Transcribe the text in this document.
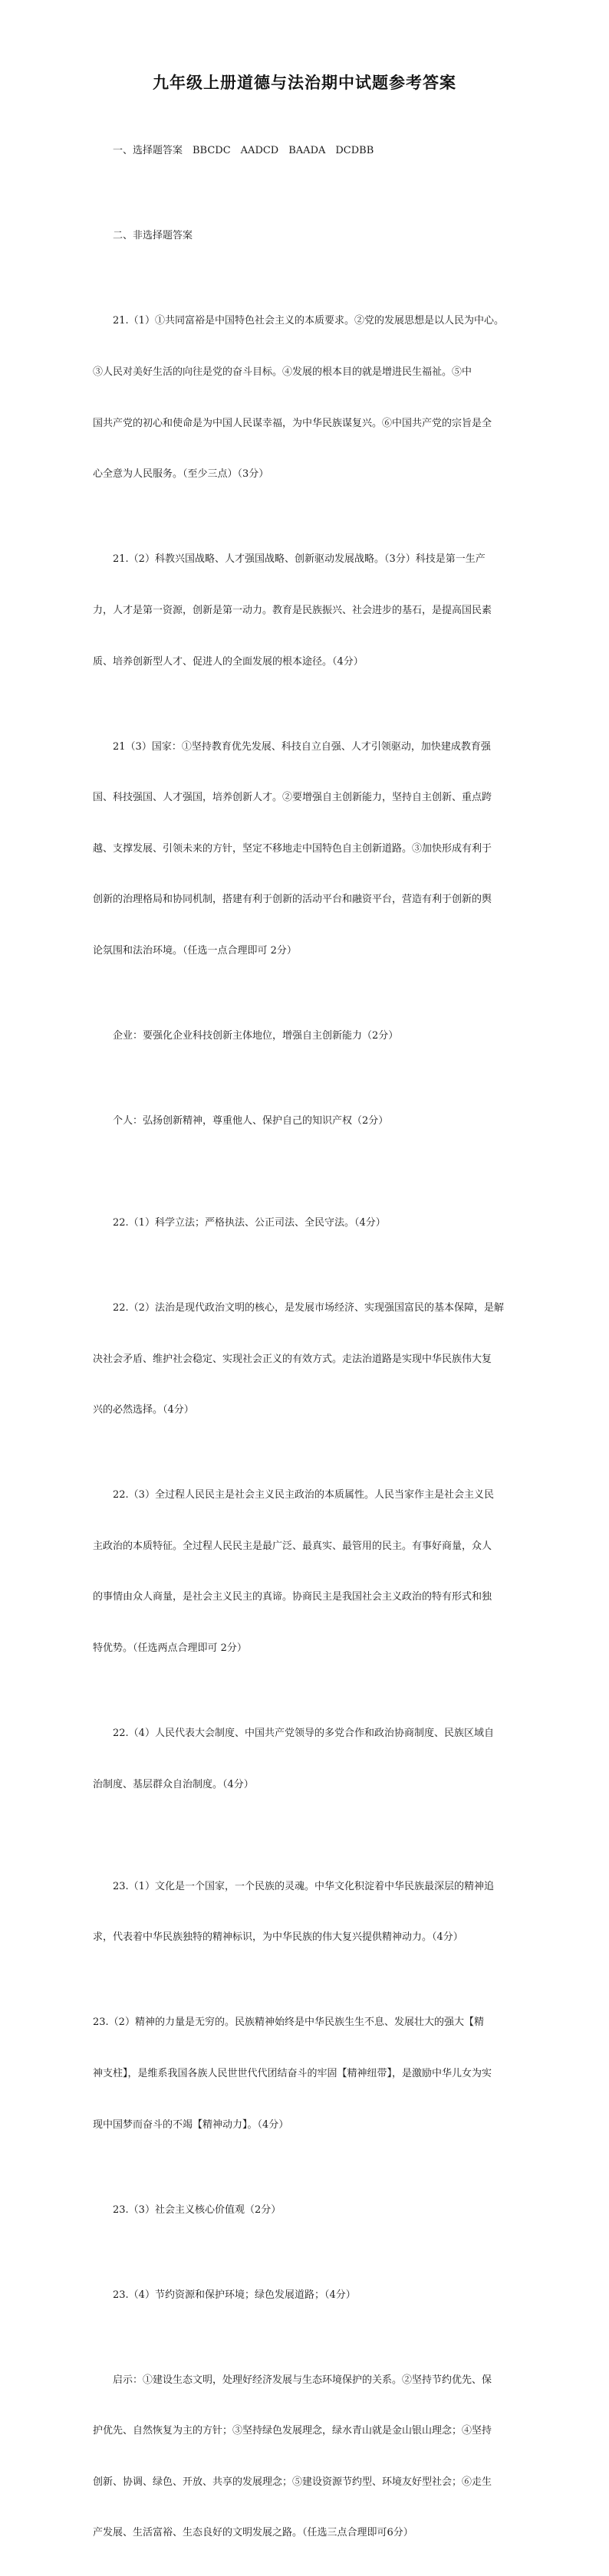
九年级上册道德与法治期中试题参考答案

一、选择题答案　BBCDC　AADCD　BAADA　DCDBB

二、非选择题答案

21.（1）①共同富裕是中国特色社会主义的本质要求。②党的发展思想是以人民为中心。

③人民对美好生活的向往是党的奋斗目标。④发展的根本目的就是增进民生福祉。⑤中

国共产党的初心和使命是为中国人民谋幸福，为中华民族谋复兴。⑥中国共产党的宗旨是全

心全意为人民服务。（至少三点）（3分）

21.（2）科教兴国战略、人才强国战略、创新驱动发展战略。（3分）科技是第一生产

力，人才是第一资源，创新是第一动力。教育是民族振兴、社会进步的基石，是提高国民素

质、培养创新型人才、促进人的全面发展的根本途径。（4分）

21（3）国家：①坚持教育优先发展、科技自立自强、人才引领驱动，加快建成教育强

国、科技强国、人才强国，培养创新人才。②要增强自主创新能力，坚持自主创新、重点跨

越、支撑发展、引领未来的方针，坚定不移地走中国特色自主创新道路。③加快形成有利于

创新的治理格局和协同机制，搭建有利于创新的活动平台和融资平台，营造有利于创新的舆

论氛围和法治环境。（任选一点合理即可 2分）

企业：要强化企业科技创新主体地位，增强自主创新能力（2分）

个人：弘扬创新精神，尊重他人、保护自己的知识产权（2分）

22.（1）科学立法；严格执法、公正司法、全民守法。（4分）

22.（2）法治是现代政治文明的核心，是发展市场经济、实现强国富民的基本保障，是解

决社会矛盾、维护社会稳定、实现社会正义的有效方式。走法治道路是实现中华民族伟大复

兴的必然选择。（4分）

22.（3）全过程人民民主是社会主义民主政治的本质属性。人民当家作主是社会主义民

主政治的本质特征。全过程人民民主是最广泛、最真实、最管用的民主。有事好商量，众人

的事情由众人商量，是社会主义民主的真谛。协商民主是我国社会主义政治的特有形式和独

特优势。（任选两点合理即可 2分）

22.（4）人民代表大会制度、中国共产党领导的多党合作和政治协商制度、民族区域自

治制度、基层群众自治制度。（4分）

23.（1）文化是一个国家，一个民族的灵魂。中华文化积淀着中华民族最深层的精神追

求，代表着中华民族独特的精神标识，为中华民族的伟大复兴提供精神动力。（4分）

23.（2）精神的力量是无穷的。民族精神始终是中华民族生生不息、发展壮大的强大【精

神支柱】，是维系我国各族人民世世代代团结奋斗的牢固【精神纽带】，是激励中华儿女为实

现中国梦而奋斗的不竭【精神动力】。（4分）

23.（3）社会主义核心价值观（2分）

23.（4）节约资源和保护环境；绿色发展道路；（4分）

启示：①建设生态文明，处理好经济发展与生态环境保护的关系。②坚持节约优先、保

护优先、自然恢复为主的方针；③坚持绿色发展理念，绿水青山就是金山银山理念；④坚持

创新、协调、绿色、开放、共享的发展理念；⑤建设资源节约型、环境友好型社会；⑥走生

产发展、生活富裕、生态良好的文明发展之路。（任选三点合理即可6分）
